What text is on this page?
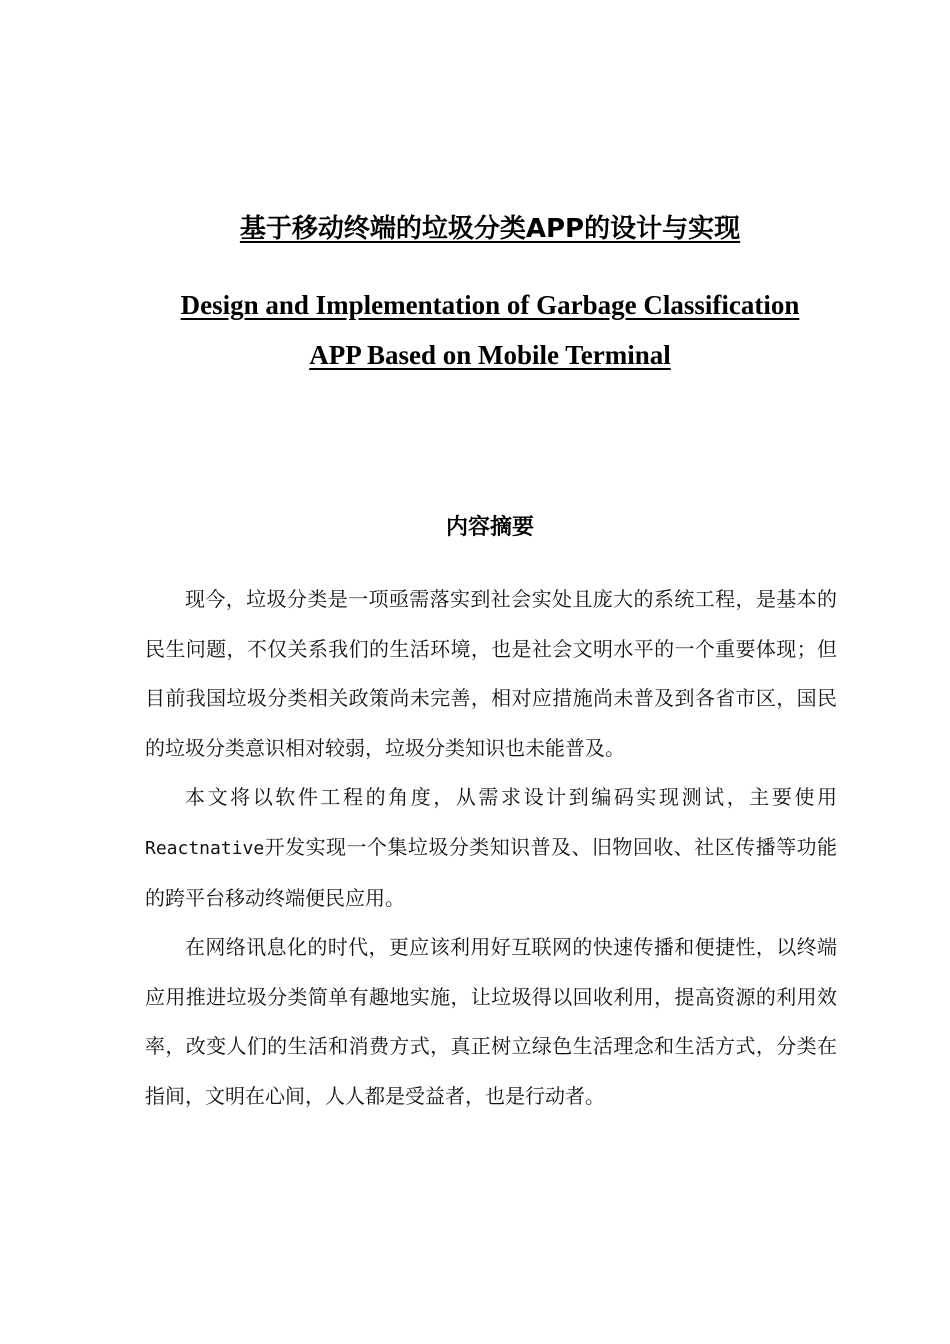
基于移动终端的垃圾分类APP的设计与实现
Design and Implementation of Garbage Classification
APP Based on Mobile Terminal
内容摘要

现今，垃圾分类是一项亟需落实到社会实处且庞大的系统工程，是基本的民生问题，不仅关系我们的生活环境，也是社会文明水平的一个重要体现；但目前我国垃圾分类相关政策尚未完善，相对应措施尚未普及到各省市区，国民的垃圾分类意识相对较弱，垃圾分类知识也未能普及。

本文将以软件工程的角度，从需求设计到编码实现测试，主要使用Reactnative开发实现一个集垃圾分类知识普及、旧物回收、社区传播等功能的跨平台移动终端便民应用。

在网络讯息化的时代，更应该利用好互联网的快速传播和便捷性，以终端应用推进垃圾分类简单有趣地实施，让垃圾得以回收利用，提高资源的利用效率，改变人们的生活和消费方式，真正树立绿色生活理念和生活方式，分类在指间，文明在心间，人人都是受益者，也是行动者。
